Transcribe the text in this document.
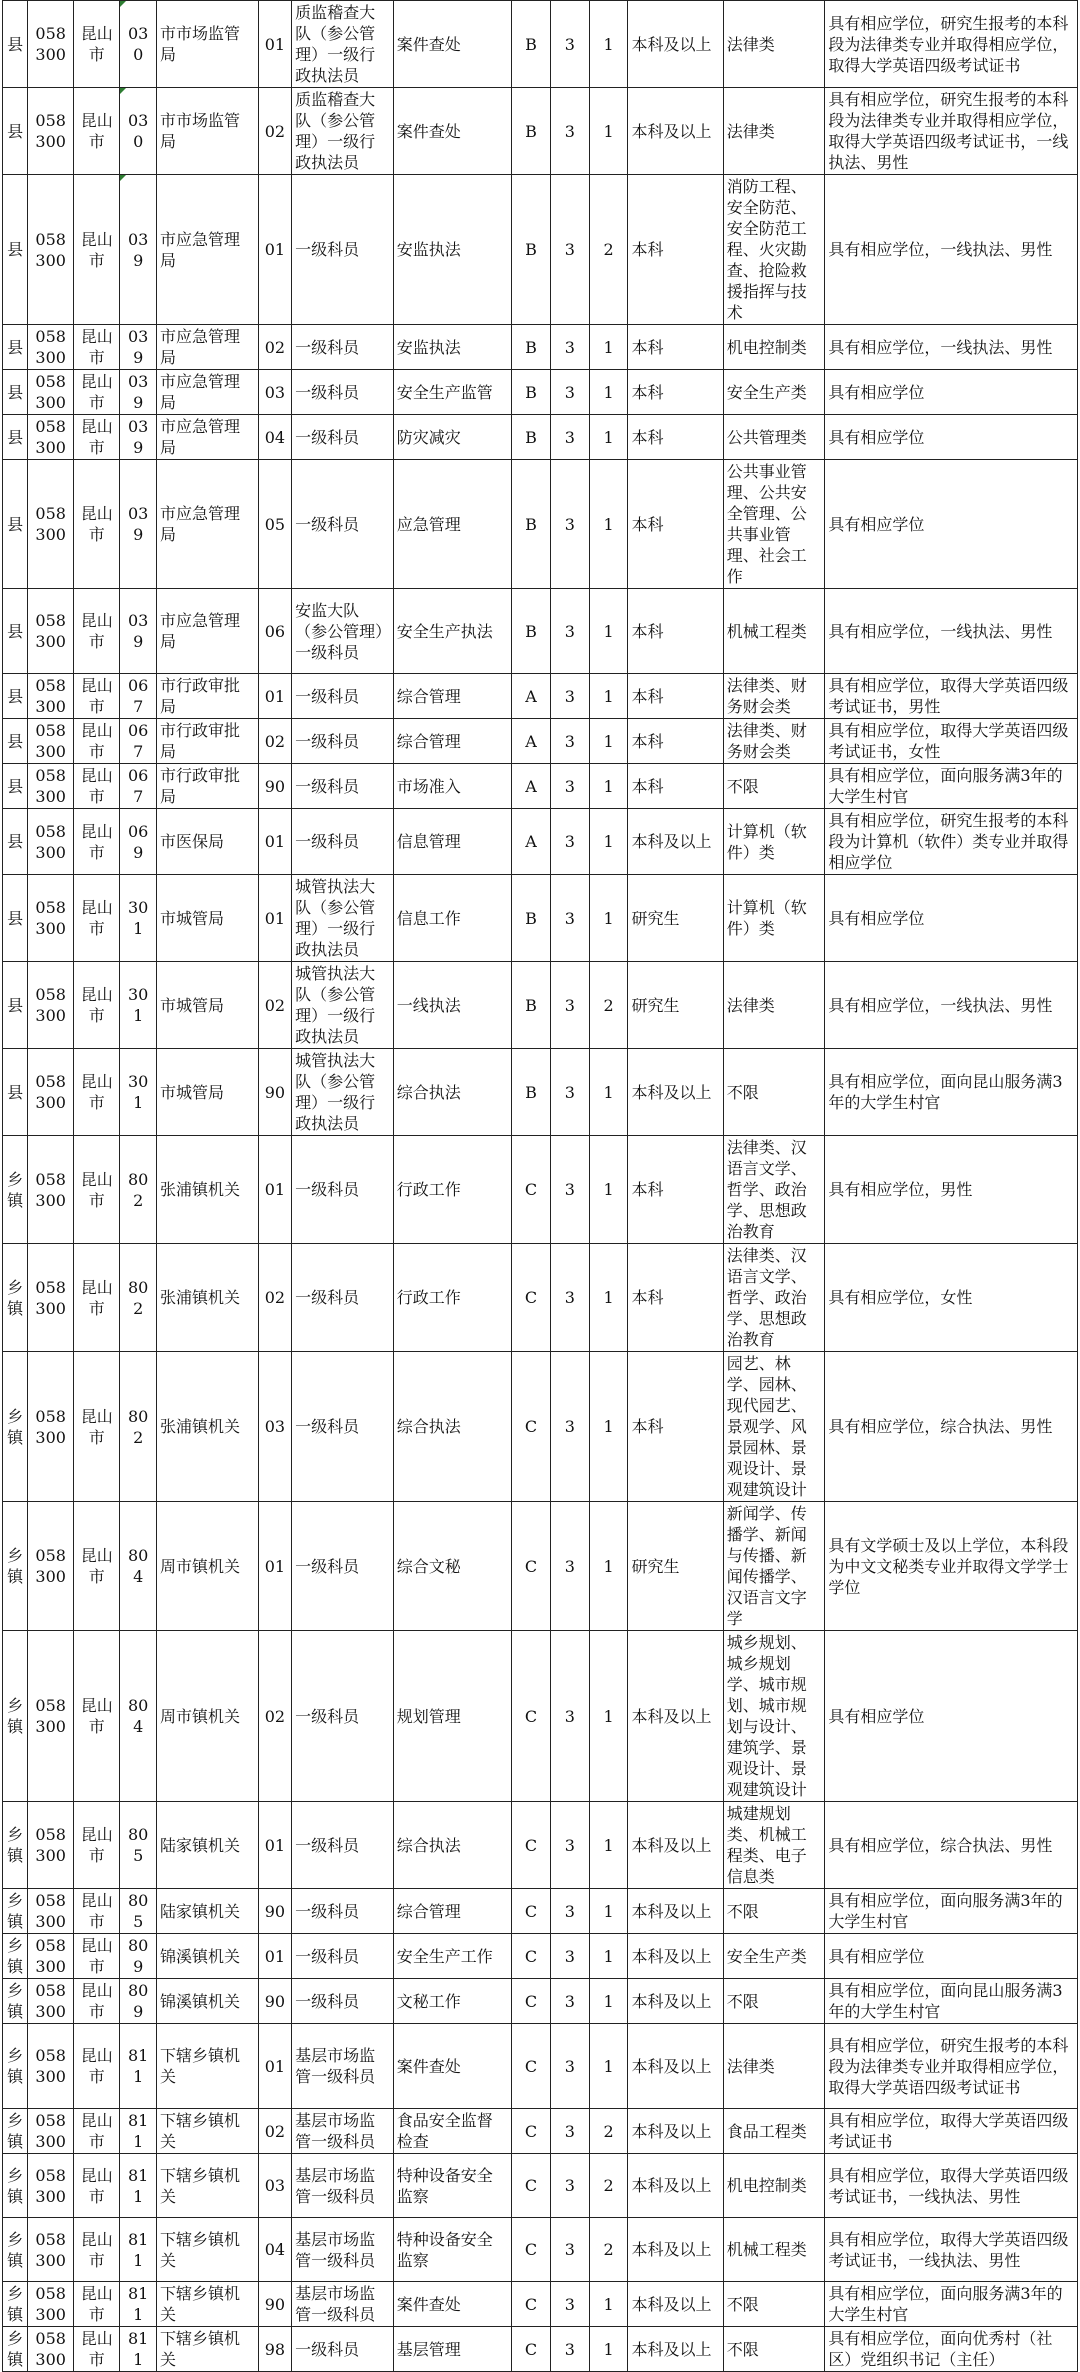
县	058300	昆山市	030	市市场监管局	01	质监稽查大队（参公管理）一级行政执法员	案件查处	B	3	1	本科及以上	法律类	具有相应学位，研究生报考的本科段为法律类专业并取得相应学位，取得大学英语四级考试证书
县	058300	昆山市	030	市市场监管局	02	质监稽查大队（参公管理）一级行政执法员	案件查处	B	3	1	本科及以上	法律类	具有相应学位，研究生报考的本科段为法律类专业并取得相应学位，取得大学英语四级考试证书，一线执法、男性
县	058300	昆山市	039	市应急管理局	01	一级科员	安监执法	B	3	2	本科	消防工程、安全防范、安全防范工程、火灾勘查、抢险救援指挥与技术	具有相应学位，一线执法、男性
县	058300	昆山市	039	市应急管理局	02	一级科员	安监执法	B	3	1	本科	机电控制类	具有相应学位，一线执法、男性
县	058300	昆山市	039	市应急管理局	03	一级科员	安全生产监管	B	3	1	本科	安全生产类	具有相应学位
县	058300	昆山市	039	市应急管理局	04	一级科员	防灾减灾	B	3	1	本科	公共管理类	具有相应学位
县	058300	昆山市	039	市应急管理局	05	一级科员	应急管理	B	3	1	本科	公共事业管理、公共安全管理、公共事业管理、社会工作	具有相应学位
县	058300	昆山市	039	市应急管理局	06	安监大队（参公管理）一级科员	安全生产执法	B	3	1	本科	机械工程类	具有相应学位，一线执法、男性
县	058300	昆山市	067	市行政审批局	01	一级科员	综合管理	A	3	1	本科	法律类、财务财会类	具有相应学位，取得大学英语四级考试证书，男性
县	058300	昆山市	067	市行政审批局	02	一级科员	综合管理	A	3	1	本科	法律类、财务财会类	具有相应学位，取得大学英语四级考试证书，女性
县	058300	昆山市	067	市行政审批局	90	一级科员	市场准入	A	3	1	本科	不限	具有相应学位，面向服务满3年的大学生村官
县	058300	昆山市	069	市医保局	01	一级科员	信息管理	A	3	1	本科及以上	计算机（软件）类	具有相应学位，研究生报考的本科段为计算机（软件）类专业并取得相应学位
县	058300	昆山市	301	市城管局	01	城管执法大队（参公管理）一级行政执法员	信息工作	B	3	1	研究生	计算机（软件）类	具有相应学位
县	058300	昆山市	301	市城管局	02	城管执法大队（参公管理）一级行政执法员	一线执法	B	3	2	研究生	法律类	具有相应学位，一线执法、男性
县	058300	昆山市	301	市城管局	90	城管执法大队（参公管理）一级行政执法员	综合执法	B	3	1	本科及以上	不限	具有相应学位，面向昆山服务满3年的大学生村官
乡镇	058300	昆山市	802	张浦镇机关	01	一级科员	行政工作	C	3	1	本科	法律类、汉语言文学、哲学、政治学、思想政治教育	具有相应学位，男性
乡镇	058300	昆山市	802	张浦镇机关	02	一级科员	行政工作	C	3	1	本科	法律类、汉语言文学、哲学、政治学、思想政治教育	具有相应学位，女性
乡镇	058300	昆山市	802	张浦镇机关	03	一级科员	综合执法	C	3	1	本科	园艺、林学、园林、现代园艺、景观学、风景园林、景观设计、景观建筑设计	具有相应学位，综合执法、男性
乡镇	058300	昆山市	804	周市镇机关	01	一级科员	综合文秘	C	3	1	研究生	新闻学、传播学、新闻与传播、新闻传播学、汉语言文字学	具有文学硕士及以上学位，本科段为中文文秘类专业并取得文学学士学位
乡镇	058300	昆山市	804	周市镇机关	02	一级科员	规划管理	C	3	1	本科及以上	城乡规划、城乡规划学、城市规划、城市规划与设计、建筑学、景观设计、景观建筑设计	具有相应学位
乡镇	058300	昆山市	805	陆家镇机关	01	一级科员	综合执法	C	3	1	本科及以上	城建规划类、机械工程类、电子信息类	具有相应学位，综合执法、男性
乡镇	058300	昆山市	805	陆家镇机关	90	一级科员	综合管理	C	3	1	本科及以上	不限	具有相应学位，面向服务满3年的大学生村官
乡镇	058300	昆山市	809	锦溪镇机关	01	一级科员	安全生产工作	C	3	1	本科及以上	安全生产类	具有相应学位
乡镇	058300	昆山市	809	锦溪镇机关	90	一级科员	文秘工作	C	3	1	本科及以上	不限	具有相应学位，面向昆山服务满3年的大学生村官
乡镇	058300	昆山市	811	下辖乡镇机关	01	基层市场监管一级科员	案件查处	C	3	1	本科及以上	法律类	具有相应学位，研究生报考的本科段为法律类专业并取得相应学位，取得大学英语四级考试证书
乡镇	058300	昆山市	811	下辖乡镇机关	02	基层市场监管一级科员	食品安全监督检查	C	3	2	本科及以上	食品工程类	具有相应学位，取得大学英语四级考试证书
乡镇	058300	昆山市	811	下辖乡镇机关	03	基层市场监管一级科员	特种设备安全监察	C	3	2	本科及以上	机电控制类	具有相应学位，取得大学英语四级考试证书，一线执法、男性
乡镇	058300	昆山市	811	下辖乡镇机关	04	基层市场监管一级科员	特种设备安全监察	C	3	2	本科及以上	机械工程类	具有相应学位，取得大学英语四级考试证书，一线执法、男性
乡镇	058300	昆山市	811	下辖乡镇机关	90	基层市场监管一级科员	案件查处	C	3	1	本科及以上	不限	具有相应学位，面向服务满3年的大学生村官
乡镇	058300	昆山市	811	下辖乡镇机关	98	一级科员	基层管理	C	3	1	本科及以上	不限	具有相应学位，面向优秀村（社区）党组织书记（主任）
